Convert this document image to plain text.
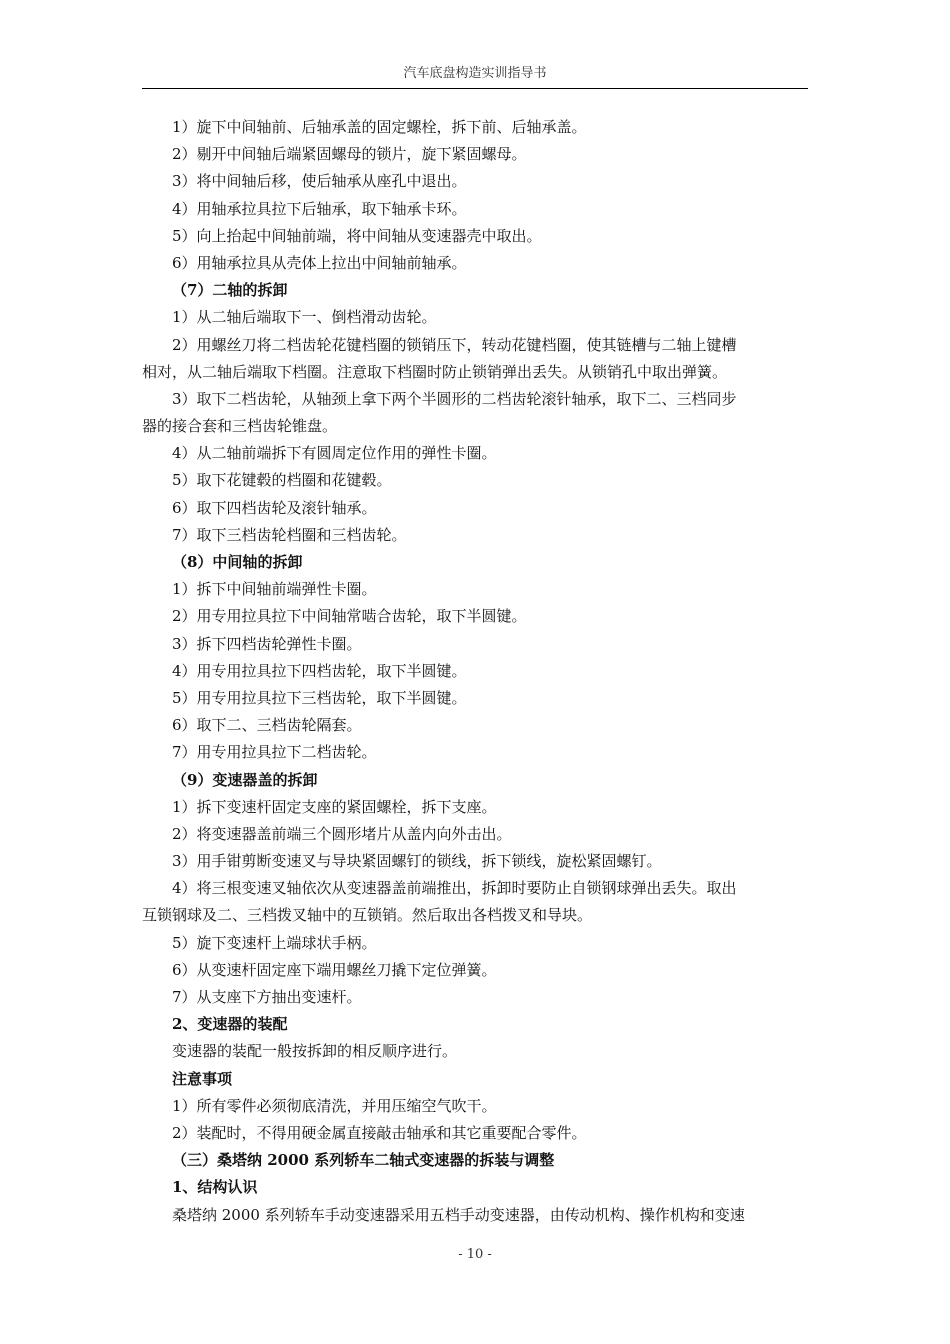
汽车底盘构造实训指导书
1）旋下中间轴前、后轴承盖的固定螺栓，拆下前、后轴承盖。
2）剔开中间轴后端紧固螺母的锁片，旋下紧固螺母。
3）将中间轴后移，使后轴承从座孔中退出。
4）用轴承拉具拉下后轴承，取下轴承卡环。
5）向上抬起中间轴前端，将中间轴从变速器壳中取出。
6）用轴承拉具从壳体上拉出中间轴前轴承。
（7）二轴的拆卸
1）从二轴后端取下一、倒档滑动齿轮。
2）用螺丝刀将二档齿轮花键档圈的锁销压下，转动花键档圈，使其链槽与二轴上键槽
相对，从二轴后端取下档圈。注意取下档圈时防止锁销弹出丢失。从锁销孔中取出弹簧。
3）取下二档齿轮，从轴颈上拿下两个半圆形的二档齿轮滚针轴承，取下二、三档同步
器的接合套和三档齿轮锥盘。
4）从二轴前端拆下有圆周定位作用的弹性卡圈。
5）取下花键毂的档圈和花键毂。
6）取下四档齿轮及滚针轴承。
7）取下三档齿轮档圈和三档齿轮。
（8）中间轴的拆卸
1）拆下中间轴前端弹性卡圈。
2）用专用拉具拉下中间轴常啮合齿轮，取下半圆键。
3）拆下四档齿轮弹性卡圈。
4）用专用拉具拉下四档齿轮，取下半圆键。
5）用专用拉具拉下三档齿轮，取下半圆键。
6）取下二、三档齿轮隔套。
7）用专用拉具拉下二档齿轮。
（9）变速器盖的拆卸
1）拆下变速杆固定支座的紧固螺栓，拆下支座。
2）将变速器盖前端三个圆形堵片从盖内向外击出。
3）用手钳剪断变速叉与导块紧固螺钉的锁线，拆下锁线，旋松紧固螺钉。
4）将三根变速叉轴依次从变速器盖前端推出，拆卸时要防止自锁钢球弹出丢失。取出
互锁钢球及二、三档拨叉轴中的互锁销。然后取出各档拨叉和导块。
5）旋下变速杆上端球状手柄。
6）从变速杆固定座下端用螺丝刀撬下定位弹簧。
7）从支座下方抽出变速杆。
2、变速器的装配
变速器的装配一般按拆卸的相反顺序进行。
注意事项
1）所有零件必须彻底清洗，并用压缩空气吹干。
2）装配时，不得用硬金属直接敲击轴承和其它重要配合零件。
（三）桑塔纳 2000 系列轿车二轴式变速器的拆装与调整
1、结构认识
桑塔纳 2000 系列轿车手动变速器采用五档手动变速器，由传动机构、操作机构和变速
- 10 -
